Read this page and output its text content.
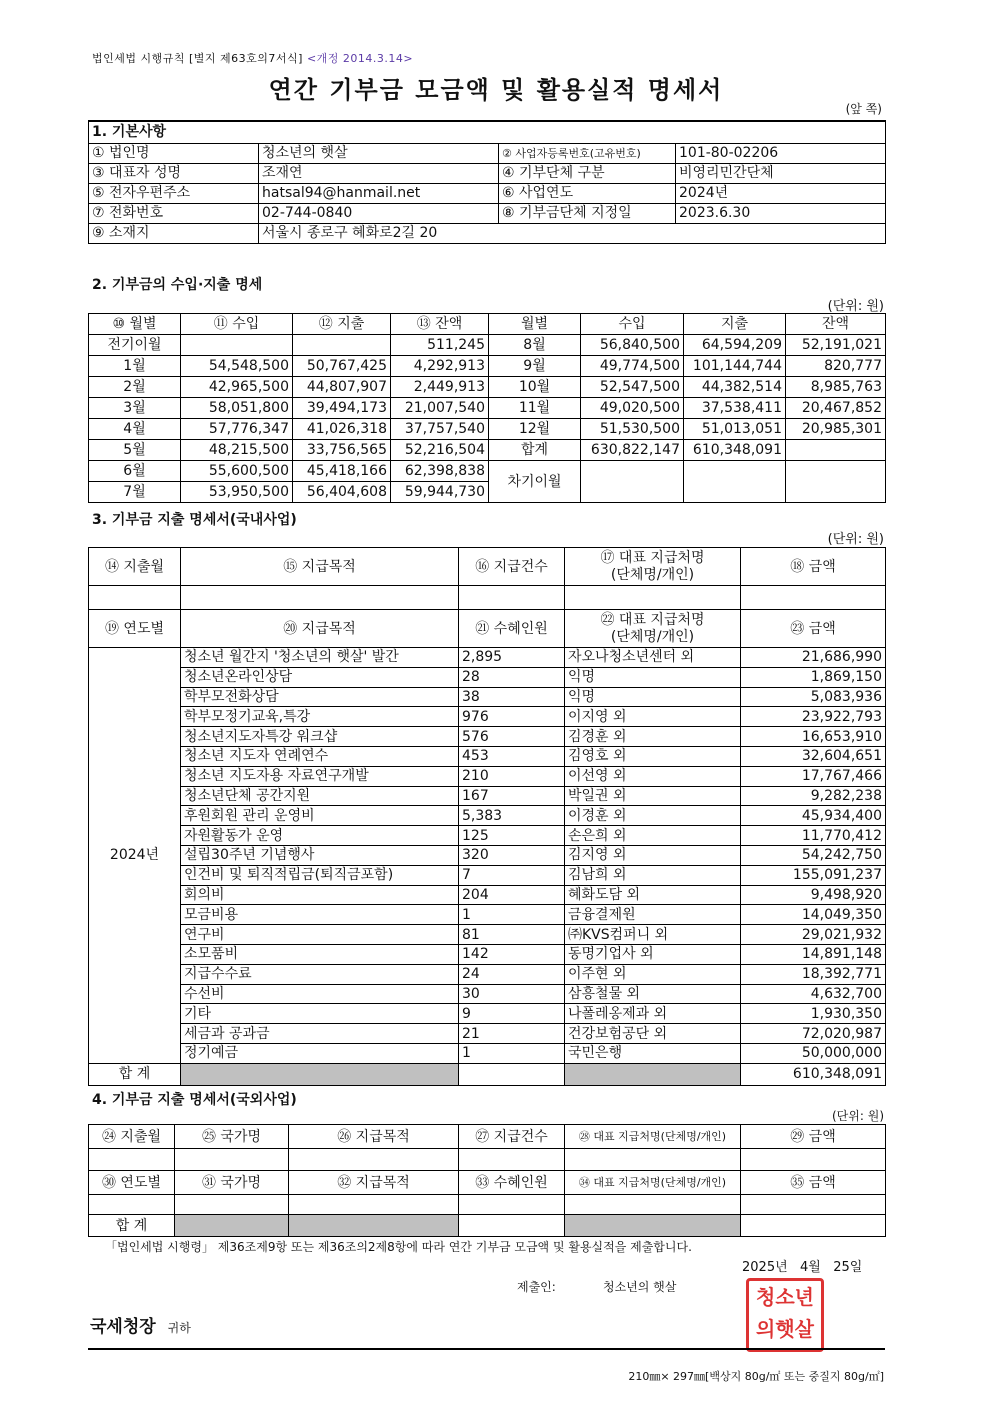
법인세법 시행규칙 [별지 제63호의7서식] <개정 2014.3.14>
연간 기부금 모금액 및 활용실적 명세서
(앞 쪽)
1. 기본사항			
① 법인명	청소년의 햇살	② 사업자등록번호(고유번호)	101-80-02206
③ 대표자 성명	조재연	④ 기부단체 구분	비영리민간단체
⑤ 전자우편주소	hatsal94@hanmail.net	⑥ 사업연도	2024년
⑦ 전화번호	02-744-0840	⑧ 기부금단체 지정일	2023.6.30
⑨ 소재지	서울시 종로구 혜화로2길 20		
2. 기부금의 수입·지출 명세
(단위: 원)
⑩ 월별	⑪ 수입	⑫ 지출	⑬ 잔액	월별	수입	지출	잔액
전기이월			511,245	8월	56,840,500	64,594,209	52,191,021
1월	54,548,500	50,767,425	4,292,913	9월	49,774,500	101,144,744	820,777
2월	42,965,500	44,807,907	2,449,913	10월	52,547,500	44,382,514	8,985,763
3월	58,051,800	39,494,173	21,007,540	11월	49,020,500	37,538,411	20,467,852
4월	57,776,347	41,026,318	37,757,540	12월	51,530,500	51,013,051	20,985,301
5월	48,215,500	33,756,565	52,216,504	합계	630,822,147	610,348,091	
6월	55,600,500	45,418,166	62,398,838	차기이월			
7월	53,950,500	56,404,608	59,944,730				
3. 기부금 지출 명세서(국내사업)
(단위: 원)
⑭ 지출월	⑮ 지급목적	⑯ 지급건수	⑰ 대표 지급처명
(단체명/개인)	⑱ 금액

⑲ 연도별	⑳ 지급목적	㉑ 수혜인원	㉒ 대표 지급처명
(단체명/개인)	㉓ 금액
2024년	청소년 월간지 '청소년의 햇살' 발간	2,895	자오나청소년센터 외	21,686,990
	청소년온라인상담	28	익명	1,869,150
	학부모전화상담	38	익명	5,083,936
	학부모정기교육,특강	976	이지영 외	23,922,793
	청소년지도자특강 워크샵	576	김경훈 외	16,653,910
	청소년 지도자 연례연수	453	김영호 외	32,604,651
	청소년 지도자용 자료연구개발	210	이선영 외	17,767,466
	청소년단체 공간지원	167	박일권 외	9,282,238
	후원회원 관리 운영비	5,383	이경훈 외	45,934,400
	자원활동가 운영	125	손은희 외	11,770,412
	설립30주년 기념행사	320	김지영 외	54,242,750
	인건비 및 퇴직적립금(퇴직금포함)	7	김남희 외	155,091,237
	회의비	204	혜화도담 외	9,498,920
	모금비용	1	금융결제원	14,049,350
	연구비	81	㈜KVS컴퍼니 외	29,021,932
	소모품비	142	동명기업사 외	14,891,148
	지급수수료	24	이주현 외	18,392,771
	수선비	30	삼흥철물 외	4,632,700
	기타	9	나폴레옹제과 외	1,930,350
	세금과 공과금	21	건강보험공단 외	72,020,987
	정기예금	1	국민은행	50,000,000
합 계				610,348,091
4. 기부금 지출 명세서(국외사업)
(단위: 원)
㉔ 지출월	㉕ 국가명	㉖ 지급목적	㉗ 지급건수	㉘ 대표 지급처명(단체명/개인)	㉙ 금액

㉚ 연도별	㉛ 국가명	㉜ 지급목적	㉝ 수혜인원	㉞ 대표 지급처명(단체명/개인)	㉟ 금액

합 계					
「법인세법 시행령」 제36조제9항 또는 제36조의2제8항에 따라 연간 기부금 모금액 및 활용실적을 제출합니다.
2025년   4월   25일
제출인:	청소년의 햇살	청소년의햇살
국세청장 귀하
210㎜× 297㎜[백상지 80g/㎡ 또는 중질지 80g/㎡]
